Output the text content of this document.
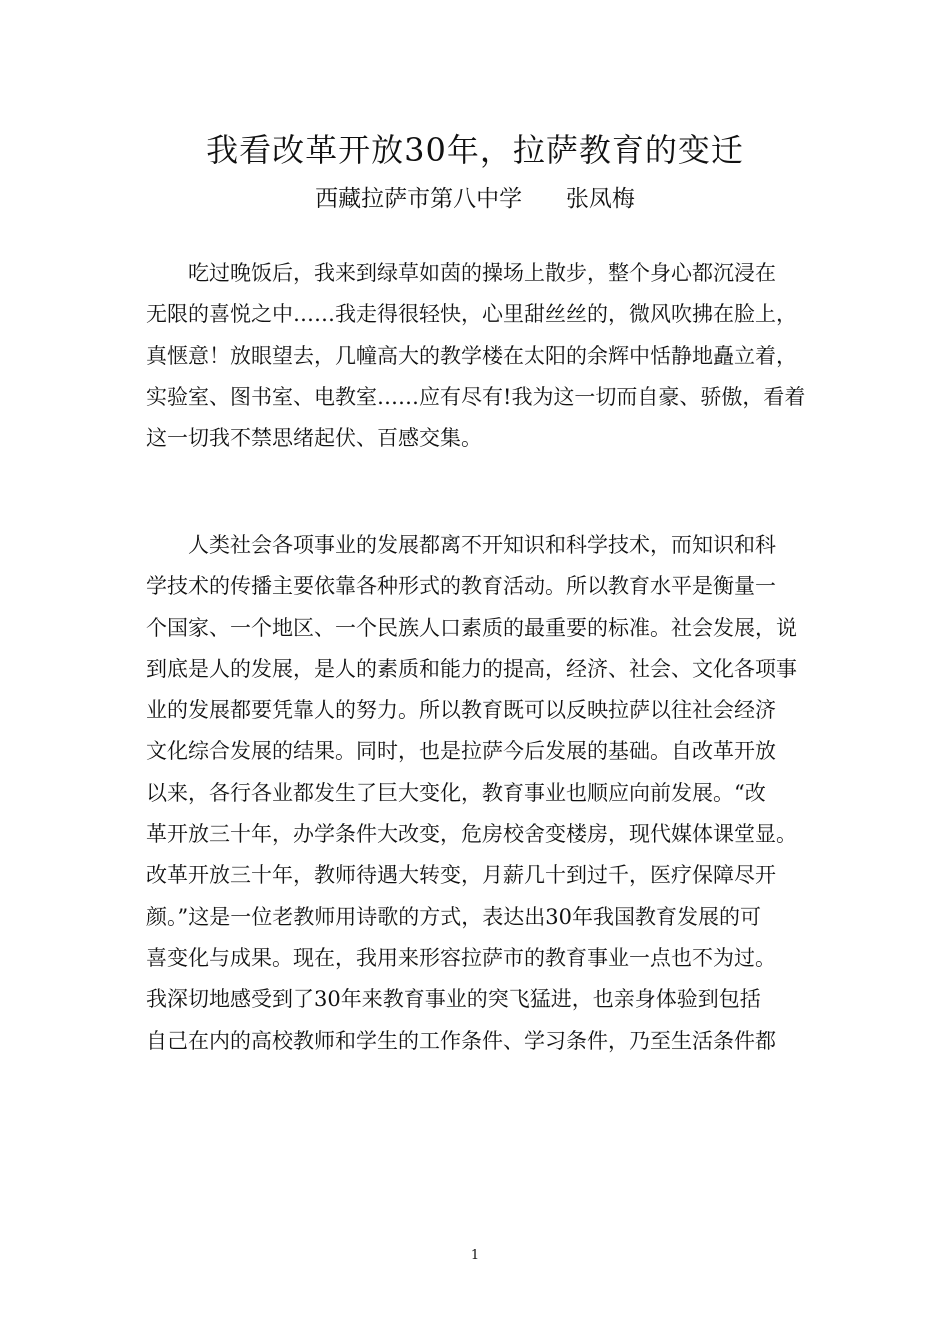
我看改革开放30年，拉萨教育的变迁
西藏拉萨市第八中学      张凤梅
　　吃过晚饭后，我来到绿草如茵的操场上散步，整个身心都沉浸在
无限的喜悦之中……我走得很轻快，心里甜丝丝的，微风吹拂在脸上，
真惬意！放眼望去，几幢高大的教学楼在太阳的余辉中恬静地矗立着，
实验室、图书室、电教室……应有尽有!我为这一切而自豪、骄傲，看着
这一切我不禁思绪起伏、百感交集。
　　人类社会各项事业的发展都离不开知识和科学技术，而知识和科
学技术的传播主要依靠各种形式的教育活动。所以教育水平是衡量一
个国家、一个地区、一个民族人口素质的最重要的标准。社会发展，说
到底是人的发展，是人的素质和能力的提高，经济、社会、文化各项事
业的发展都要凭靠人的努力。所以教育既可以反映拉萨以往社会经济
文化综合发展的结果。同时，也是拉萨今后发展的基础。自改革开放
以来，各行各业都发生了巨大变化，教育事业也顺应向前发展。“改
革开放三十年，办学条件大改变，危房校舍变楼房，现代媒体课堂显。
改革开放三十年，教师待遇大转变，月薪几十到过千，医疗保障尽开
颜。”这是一位老教师用诗歌的方式，表达出30年我国教育发展的可
喜变化与成果。现在，我用来形容拉萨市的教育事业一点也不为过。
我深切地感受到了30年来教育事业的突飞猛进，也亲身体验到包括
自己在内的高校教师和学生的工作条件、学习条件，乃至生活条件都
1
